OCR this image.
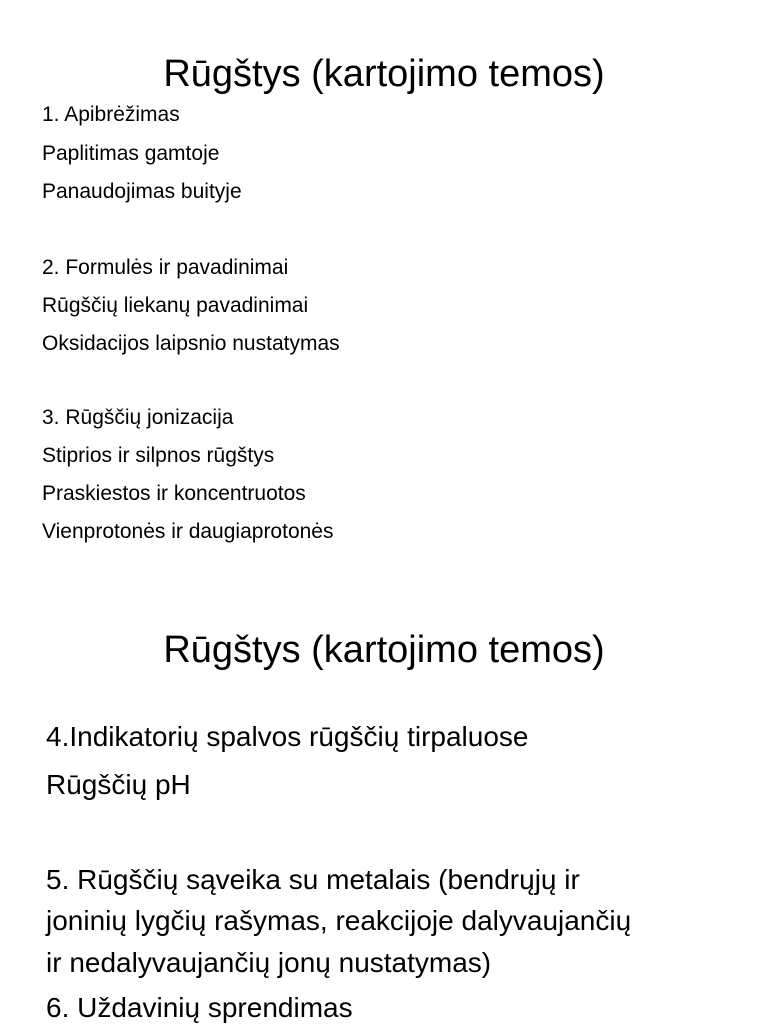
Rūgštys (kartojimo temos)
1. Apibrėžimas
Paplitimas gamtoje
Panaudojimas buityje
2. Formulės ir pavadinimai
Rūgščių liekanų pavadinimai
Oksidacijos laipsnio nustatymas
3. Rūgščių jonizacija
Stiprios ir silpnos rūgštys
Praskiestos ir koncentruotos
Vienprotonės ir daugiaprotonės
Rūgštys (kartojimo temos)
4.Indikatorių spalvos rūgščių tirpaluose
Rūgščių pH
5. Rūgščių sąveika su metalais (bendrųjų ir
joninių lygčių rašymas, reakcijoje dalyvaujančių
ir nedalyvaujančių jonų nustatymas)
6. Uždavinių sprendimas
